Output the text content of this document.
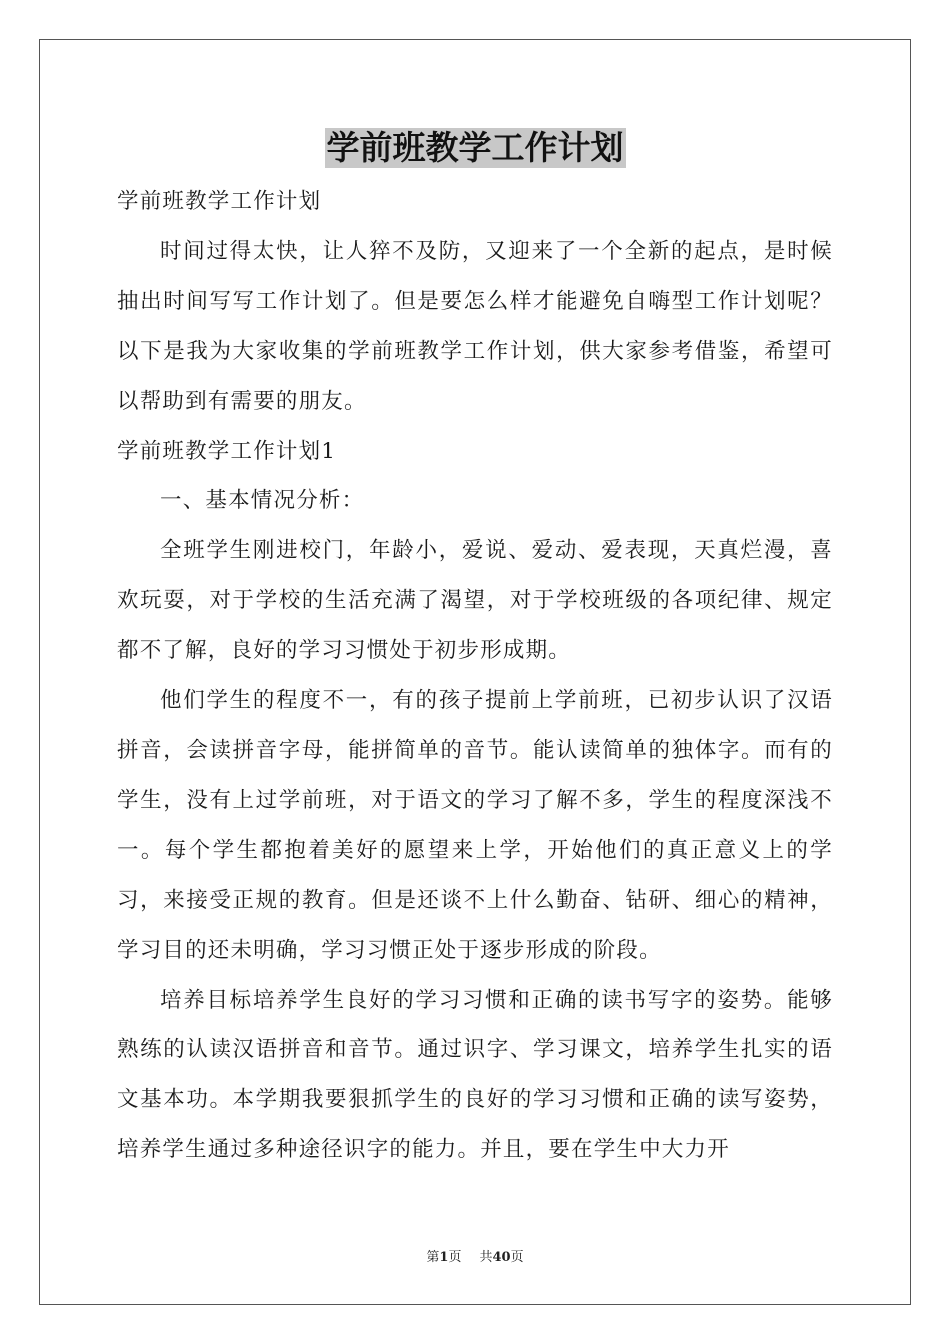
学前班教学工作计划

学前班教学工作计划

时间过得太快，让人猝不及防，又迎来了一个全新的起点，是时候抽出时间写写工作计划了。但是要怎么样才能避免自嗨型工作计划呢？以下是我为大家收集的学前班教学工作计划，供大家参考借鉴，希望可以帮助到有需要的朋友。

学前班教学工作计划1

一、基本情况分析：

全班学生刚进校门，年龄小，爱说、爱动、爱表现，天真烂漫，喜欢玩耍，对于学校的生活充满了渴望，对于学校班级的各项纪律、规定都不了解，良好的学习习惯处于初步形成期。

他们学生的程度不一，有的孩子提前上学前班，已初步认识了汉语拼音，会读拼音字母，能拼简单的音节。能认读简单的独体字。而有的学生，没有上过学前班，对于语文的学习了解不多，学生的程度深浅不一。每个学生都抱着美好的愿望来上学，开始他们的真正意义上的学习，来接受正规的教育。但是还谈不上什么勤奋、钻研、细心的精神，学习目的还未明确，学习习惯正处于逐步形成的阶段。

培养目标培养学生良好的学习习惯和正确的读书写字的姿势。能够熟练的认读汉语拼音和音节。通过识字、学习课文，培养学生扎实的语文基本功。本学期我要狠抓学生的良好的学习习惯和正确的读写姿势，培养学生通过多种途径识字的能力。并且，要在学生中大力开

第1页 共40页
